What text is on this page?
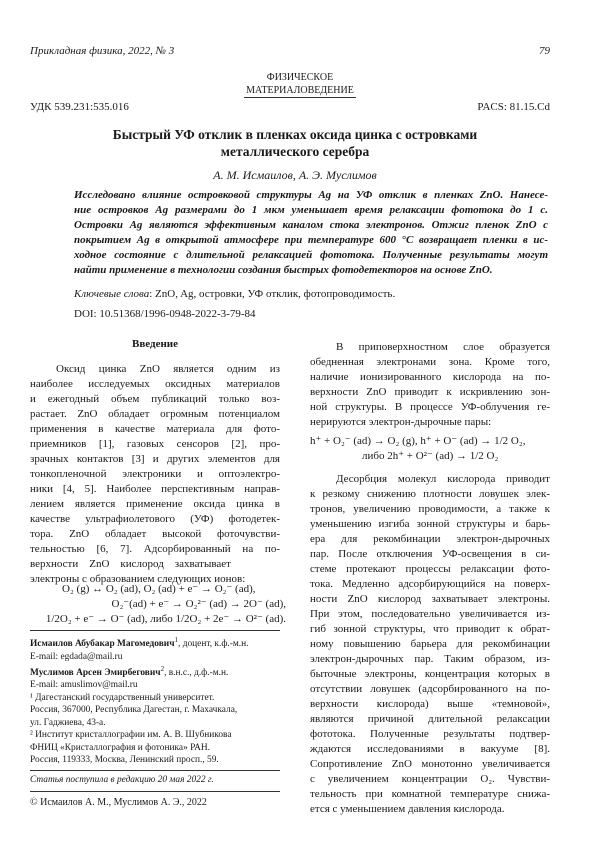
Прикладная физика, 2022, № 3	79
ФИЗИЧЕСКОЕ
МАТЕРИАЛОВЕДЕНИЕ
УДК 539.231:535.016	PACS: 81.15.Cd
Быстрый УФ отклик в пленках оксида цинка с островками
металлического серебра
А. М. Исмаилов, А. Э. Муслимов
Исследовано влияние островковой структуры Ag на УФ отклик в пленках ZnO. Нанесе-
ние островков Ag размерами до 1 мкм уменьшает время релаксации фототока до 1 с.
Островки Ag являются эффективным каналом стока электронов. Отжиг пленок ZnO с
покрытием Ag в открытой атмосфере при температуре 600 °С возвращает пленки в ис-
ходное состояние с длительной релаксацией фототока. Полученные результаты могут
найти применение в технологии создания быстрых фотодетекторов на основе ZnO.
Ключевые слова: ZnO, Ag, островки, УФ отклик, фотопроводимость.
DOI: 10.51368/1996-0948-2022-3-79-84
Введение
Оксид цинка ZnO является одним из
наиболее исследуемых оксидных материалов
и ежегодный объем публикаций только воз-
растает. ZnO обладает огромным потенциалом
применения в качестве материала для фото-
приемников [1], газовых сенсоров [2], про-
зрачных контактов [3] и других элементов для
тонкопленочной электроники и оптоэлектро-
ники [4, 5]. Наиболее перспективным направ-
лением является применение оксида цинка в
качестве ультрафиолетового (УФ) фотодетек-
тора. ZnO обладает высокой фоточувстви-
тельностью [6, 7]. Адсорбированный на по-
верхности    ZnO    кислород    захватывает
электроны с образованием следующих ионов:
O₂ (g) ↔ O₂ (ad), O₂ (ad) + e⁻ → O₂⁻ (ad),
O₂⁻(ad) + e⁻ → O₂²⁻ (ad) → 2O⁻ (ad),
1/2O₂ + e⁻ → O⁻ (ad), либо 1/2O₂ + 2e⁻ → O²⁻ (ad).
Исмаилов Абубакар Магомедович$^1$, доцент, к.ф.-м.н.
E-mail: egdada@mail.ru
Муслимов Арсен Эмирбегович$^2$, в.н.с., д.ф.-м.н.
E-mail: amuslimov@mail.ru
¹ Дагестанский государственный университет.
Россия, 367000, Республика Дагестан, г. Махачкала,
ул. Гаджиева, 43-а.
² Институт кристаллографии им. А. В. Шубникова
ФНИЦ «Кристаллография и фотоника» РАН.
Россия, 119333, Москва, Ленинский просп., 59.
Статья поступила в редакцию 20 мая 2022 г.
© Исмаилов А. М., Муслимов А. Э., 2022
В приповерхностном слое образуется
обедненная электронами зона. Кроме того,
наличие ионизированного кислорода на по-
верхности ZnO приводит к искривлению зон-
ной структуры. В процессе УФ-облучения ге-
нерируются электрон-дырочные пары:
h⁺ + O₂⁻ (ad) → O₂ (g), h⁺ + O⁻ (ad) → 1/2 O₂,
либо 2h⁺ + O²⁻ (ad) → 1/2 O₂
Десорбция молекул кислорода приводит
к резкому снижению плотности ловушек элек-
тронов, увеличению проводимости, а также к
уменьшению изгиба зонной структуры и барь-
ера для рекомбинации электрон-дырочных
пар. После отключения УФ-освещения в си-
стеме протекают процессы релаксации фото-
тока. Медленно адсорбирующийся на поверх-
ности ZnO кислород захватывает электроны.
При этом, последовательно увеличивается из-
гиб зонной структуры, что приводит к обрат-
ному повышению барьера для рекомбинации
электрон-дырочных пар. Таким образом, из-
быточные электроны, концентрация которых в
отсутствии ловушек (адсорбированного на по-
верхности кислорода) выше «темновой»,
являются причиной длительной релаксации
фототока. Полученные результаты подтвер-
ждаются исследованиями в вакууме [8].
Сопротивление ZnO монотонно увеличивается
с увеличением концентрации O₂. Чувстви-
тельность при комнатной температуре снижа-
ется с уменьшением давления кислорода.
